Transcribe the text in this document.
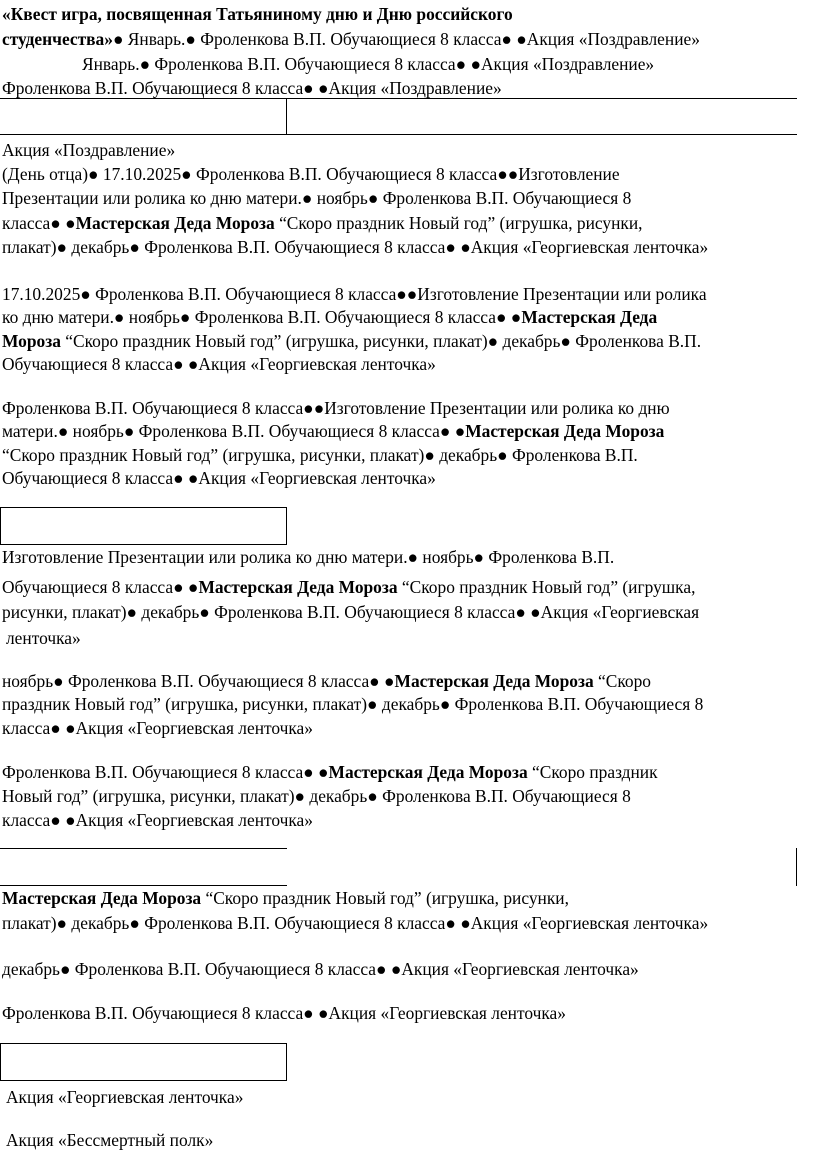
«Квест игра, посвященная Татьяниному дню и Дню российского
студенчества»● Январь.● Фроленкова В.П. Обучающиеся 8 класса● ●Акция «Поздравление»
Январь.● Фроленкова В.П. Обучающиеся 8 класса● ●Акция «Поздравление»
Фроленкова В.П. Обучающиеся 8 класса● ●Акция «Поздравление»
Акция «Поздравление»
(День отца)● 17.10.2025● Фроленкова В.П. Обучающиеся 8 класса●●Изготовление
Презентации или ролика ко дню матери.● ноябрь● Фроленкова В.П. Обучающиеся 8
класса● ●Мастерская Деда Мороза “Скоро праздник Новый год” (игрушка, рисунки,
плакат)● декабрь● Фроленкова В.П. Обучающиеся 8 класса● ●Акция «Георгиевская ленточка»
17.10.2025● Фроленкова В.П. Обучающиеся 8 класса●●Изготовление Презентации или ролика
ко дню матери.● ноябрь● Фроленкова В.П. Обучающиеся 8 класса● ●Мастерская Деда
Мороза “Скоро праздник Новый год” (игрушка, рисунки, плакат)● декабрь● Фроленкова В.П.
Обучающиеся 8 класса● ●Акция «Георгиевская ленточка»
Фроленкова В.П. Обучающиеся 8 класса●●Изготовление Презентации или ролика ко дню
матери.● ноябрь● Фроленкова В.П. Обучающиеся 8 класса● ●Мастерская Деда Мороза
“Скоро праздник Новый год” (игрушка, рисунки, плакат)● декабрь● Фроленкова В.П.
Обучающиеся 8 класса● ●Акция «Георгиевская ленточка»
Изготовление Презентации или ролика ко дню матери.● ноябрь● Фроленкова В.П.
Обучающиеся 8 класса● ●Мастерская Деда Мороза “Скоро праздник Новый год” (игрушка,
рисунки, плакат)● декабрь● Фроленкова В.П. Обучающиеся 8 класса● ●Акция «Георгиевская
ленточка»
ноябрь● Фроленкова В.П. Обучающиеся 8 класса● ●Мастерская Деда Мороза “Скоро
праздник Новый год” (игрушка, рисунки, плакат)● декабрь● Фроленкова В.П. Обучающиеся 8
класса● ●Акция «Георгиевская ленточка»
Фроленкова В.П. Обучающиеся 8 класса● ●Мастерская Деда Мороза “Скоро праздник
Новый год” (игрушка, рисунки, плакат)● декабрь● Фроленкова В.П. Обучающиеся 8
класса● ●Акция «Георгиевская ленточка»
Мастерская Деда Мороза “Скоро праздник Новый год” (игрушка, рисунки,
плакат)● декабрь● Фроленкова В.П. Обучающиеся 8 класса● ●Акция «Георгиевская ленточка»
декабрь● Фроленкова В.П. Обучающиеся 8 класса● ●Акция «Георгиевская ленточка»
Фроленкова В.П. Обучающиеся 8 класса● ●Акция «Георгиевская ленточка»
Акция «Георгиевская ленточка»
Акция «Бессмертный полк»
